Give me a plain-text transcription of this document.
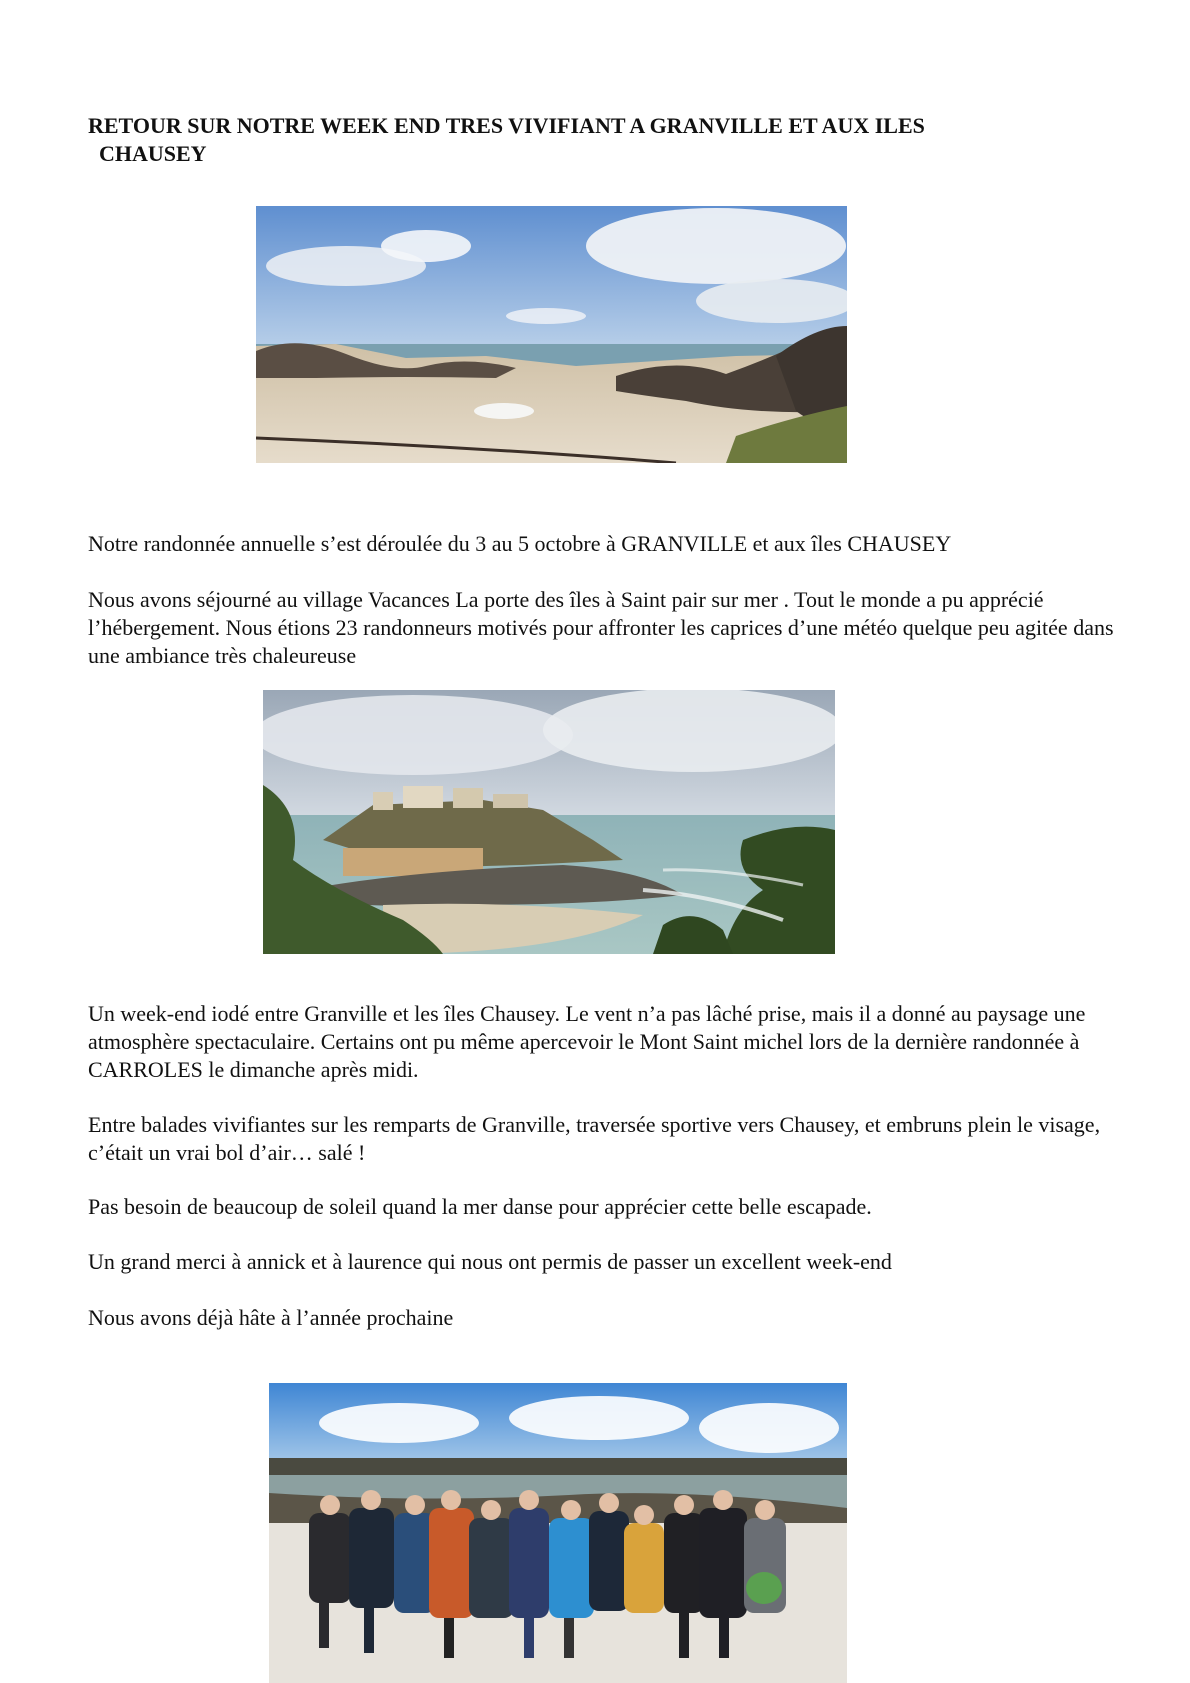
RETOUR SUR NOTRE WEEK END TRES VIVIFIANT A GRANVILLE ET AUX ILES
CHAUSEY

Notre randonnée annuelle s’est déroulée du 3 au 5 octobre à GRANVILLE et aux îles CHAUSEY

Nous avons séjourné au village Vacances La porte des îles à Saint pair sur mer . Tout le monde a pu apprécié l’hébergement. Nous étions 23 randonneurs motivés pour affronter les caprices d’une météo quelque peu agitée dans une ambiance très chaleureuse

Un week-end iodé entre Granville et les îles Chausey. Le vent n’a pas lâché prise, mais il a donné au paysage une atmosphère spectaculaire. Certains ont pu même apercevoir le Mont Saint michel lors de la dernière randonnée à CARROLES le dimanche après midi.

Entre balades vivifiantes sur les remparts de Granville, traversée sportive vers Chausey, et embruns plein le visage, c’était un vrai bol d’air… salé !

Pas besoin de beaucoup de soleil quand la mer danse pour apprécier cette belle escapade.

Un grand merci à annick et à laurence qui nous ont permis de passer un excellent week-end

Nous avons déjà hâte à l’année prochaine
